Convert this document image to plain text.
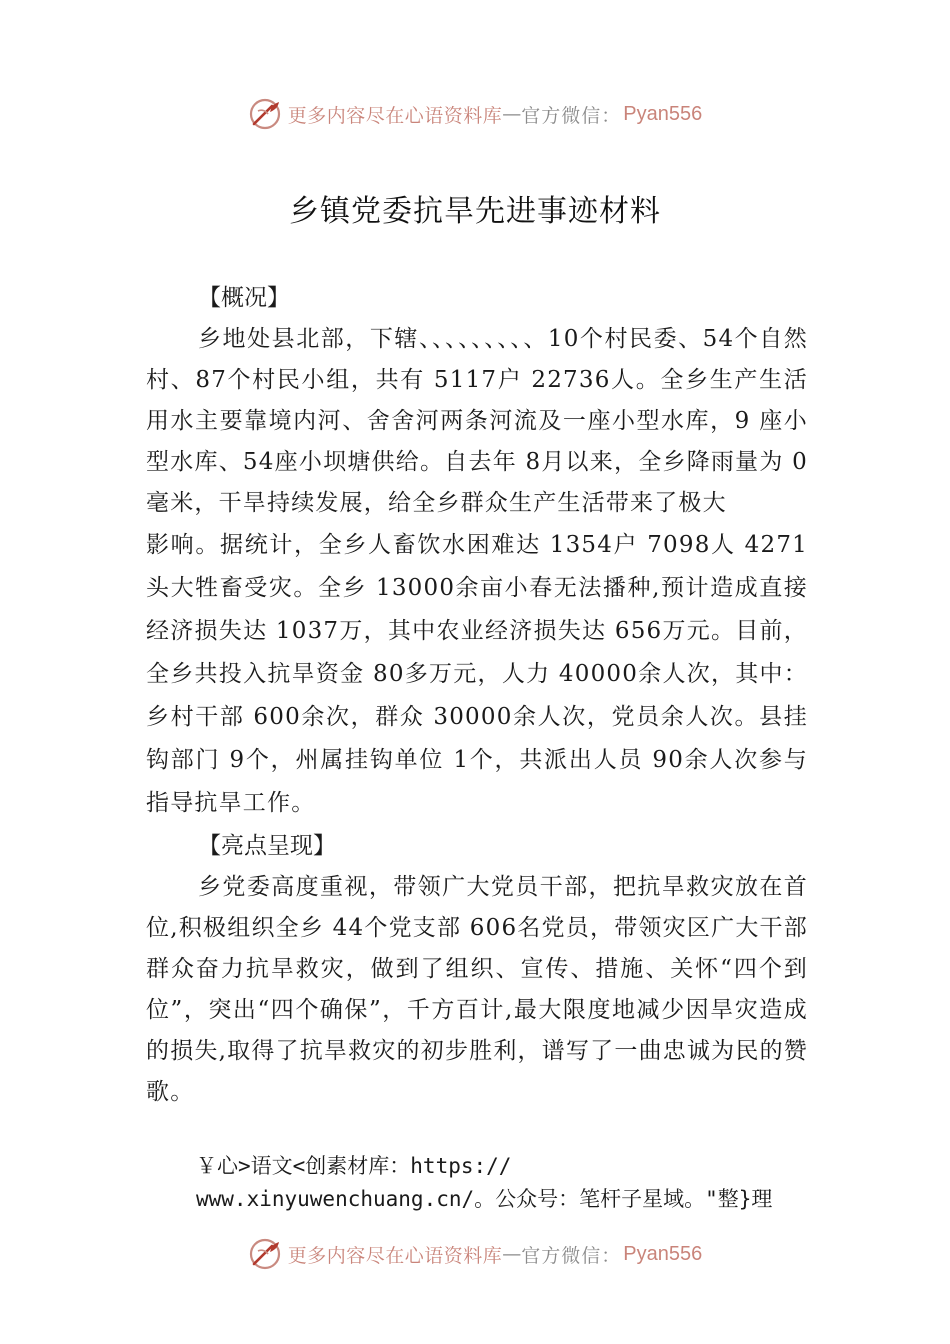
更多内容尽在心语资料库 — 官方微信： Pyan556
乡镇党委抗旱先进事迹材料
【概况】

乡地处县北部，下辖、、、、、、、、、10个村民委、54个自然村、87个村民小组，共有 5117户 22736人。全乡生产生活用水主要靠境内河、舍舍河两条河流及一座小型水库，9 座小型水库、54座小坝塘供给。自去年 8月以来，全乡降雨量为 0毫米，干旱持续发展，给全乡群众生产生活带来了极大

影响。据统计，全乡人畜饮水困难达 1354户 7098人 4271头大牲畜受灾。全乡 13000余亩小春无法播种,预计造成直接经济损失达 1037万，其中农业经济损失达 656万元。目前，全乡共投入抗旱资金 80多万元，人力 40000余人次，其中：乡村干部 600余次，群众 30000余人次，党员余人次。县挂钩部门 9个，州属挂钩单位 1个，共派出人员 90余人次参与指导抗旱工作。

【亮点呈现】

乡党委高度重视，带领广大党员干部，把抗旱救灾放在首位,积极组织全乡 44个党支部 606名党员，带领灾区广大干部群众奋力抗旱救灾，做到了组织、宣传、措施、关怀“四个到位”，突出“四个确保”，千方百计,最大限度地减少因旱灾造成的损失,取得了抗旱救灾的初步胜利，谱写了一曲忠诚为民的赞歌。

￥心>语文<创素材库：https://
www.xinyuwenchuang.cn/。公众号：笔杆子星域。"整}理
更多内容尽在心语资料库 — 官方微信： Pyan556
